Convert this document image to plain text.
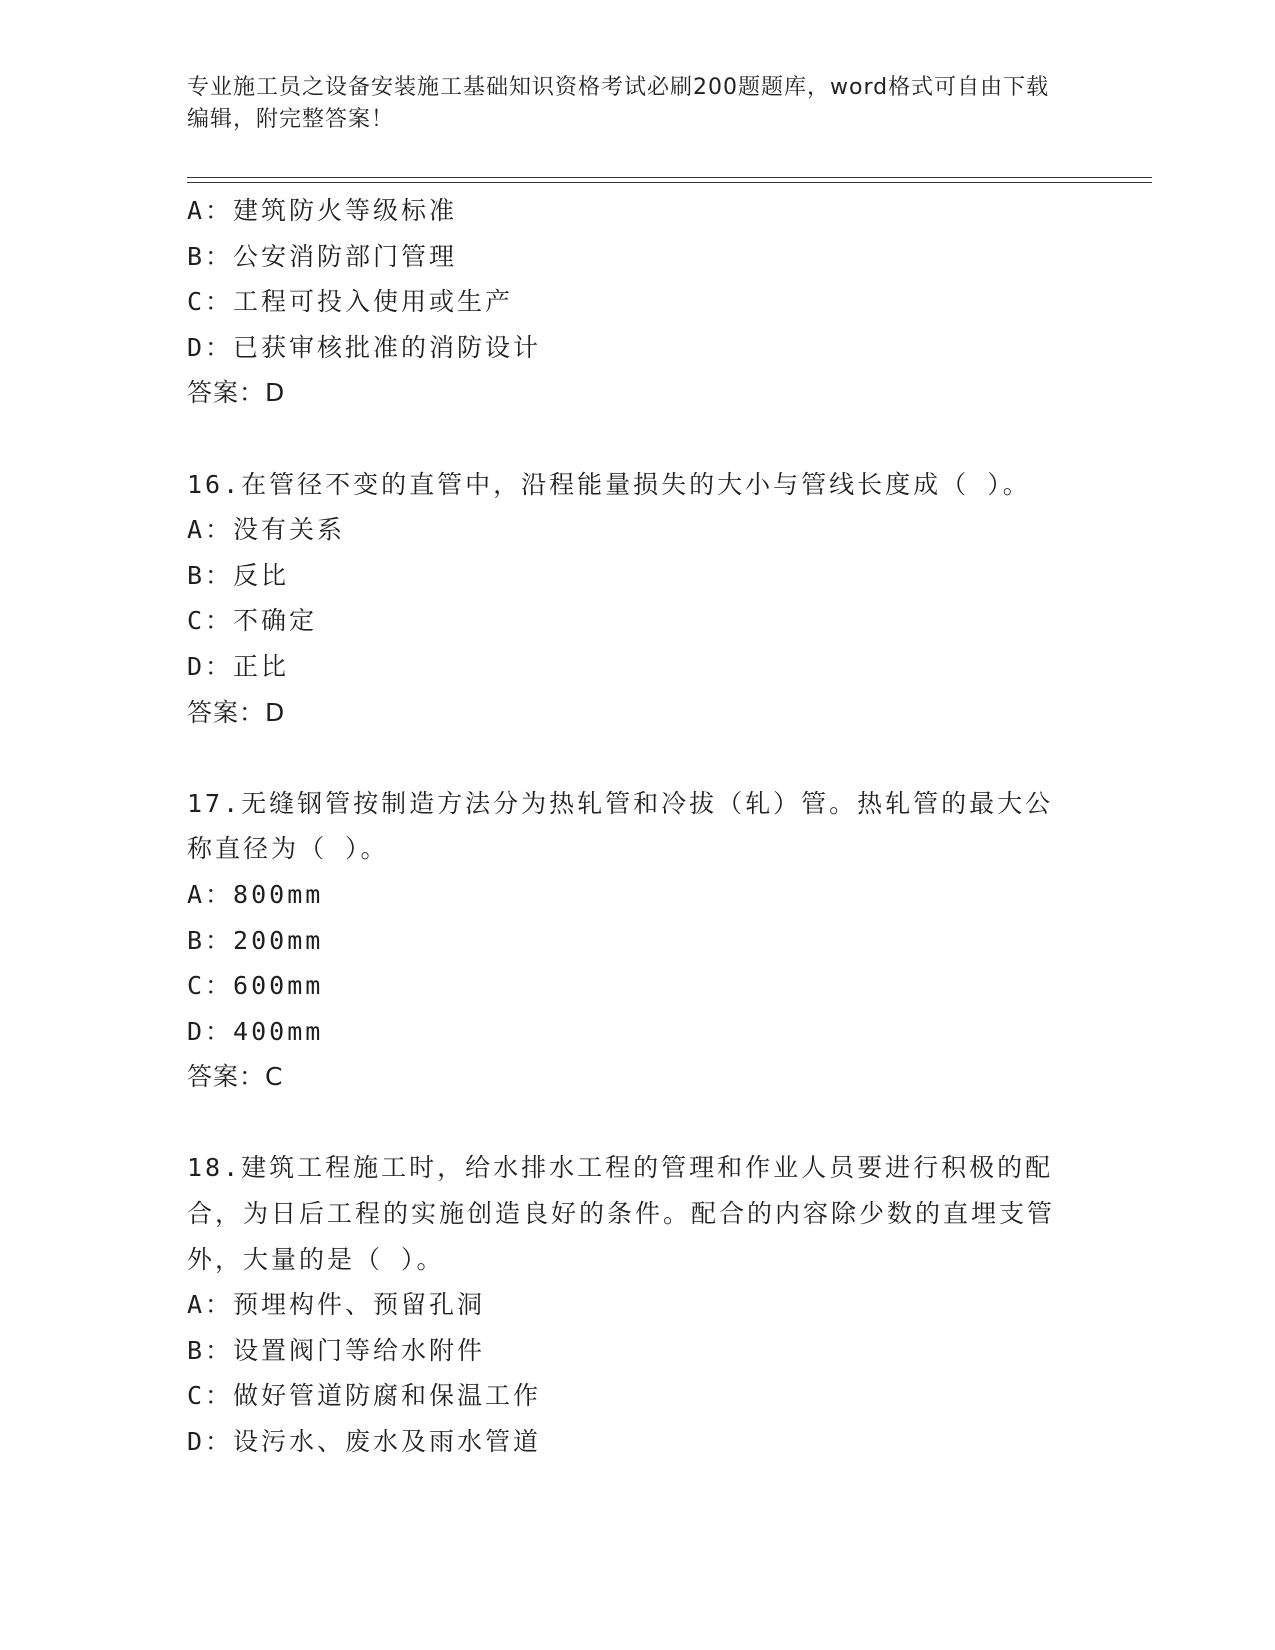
专业施工员之设备安装施工基础知识资格考试必刷200题题库，word格式可自由下载编辑，附完整答案！
A：建筑防火等级标准
B：公安消防部门管理
C：工程可投入使用或生产
D：已获审核批准的消防设计
答案：D
16.在管径不变的直管中，沿程能量损失的大小与管线长度成（ ）。
A：没有关系
B：反比
C：不确定
D：正比
答案：D
17.无缝钢管按制造方法分为热轧管和冷拔（轧）管。热轧管的最大公称直径为（ ）。
A：800mm
B：200mm
C：600mm
D：400mm
答案：C
18.建筑工程施工时，给水排水工程的管理和作业人员要进行积极的配合，为日后工程的实施创造良好的条件。配合的内容除少数的直埋支管外，大量的是（ ）。
A：预埋构件、预留孔洞
B：设置阀门等给水附件
C：做好管道防腐和保温工作
D：设污水、废水及雨水管道
